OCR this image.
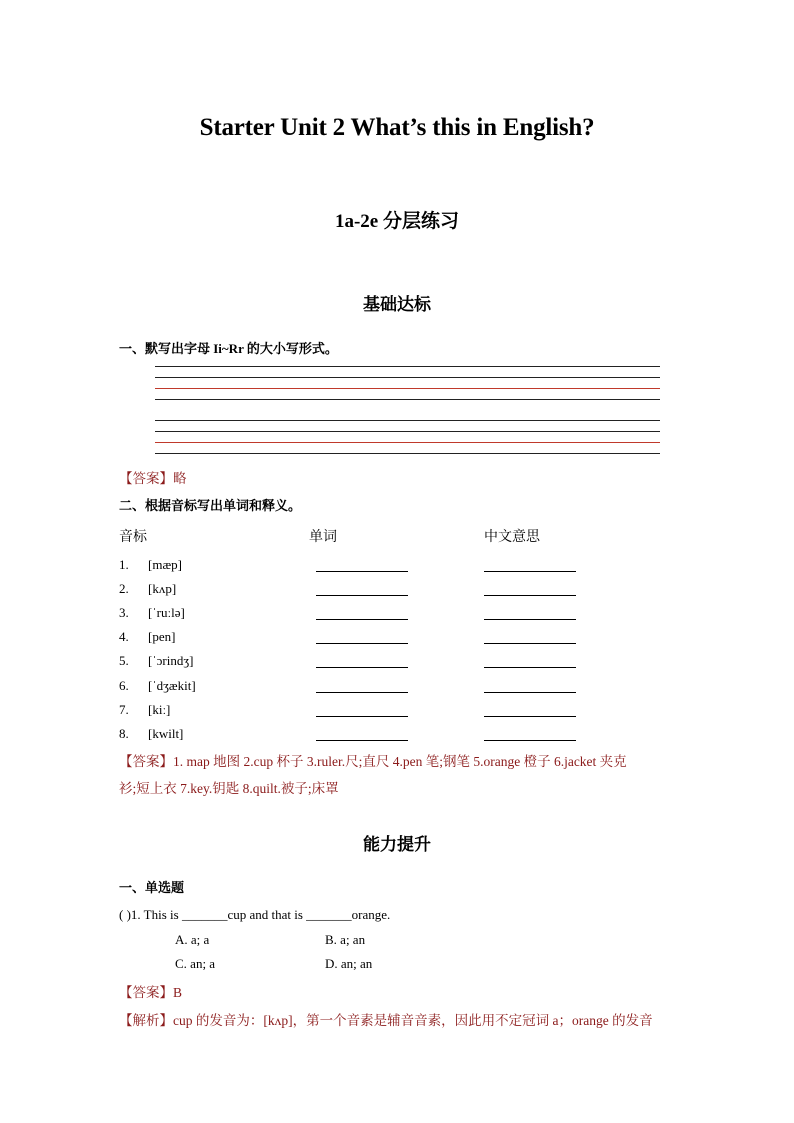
Starter Unit 2 What’s this in English?
1a-2e 分层练习
基础达标
一、默写出字母 Ii~Rr 的大小写形式。
【答案】略
二、根据音标写出单词和释义。
音标	单词	中文意思
1. [mæp]
2. [kʌp]
3. [ˈruːlə]
4. [pen]
5. [ˈɔrindʒ]
6. [ˈdʒækit]
7. [kiː]
8. [kwilt]
【答案】1. map 地图 2.cup 杯子 3.ruler.尺;直尺 4.pen 笔;钢笔 5.orange 橙子 6.jacket 夹克
衫;短上衣 7.key.钥匙 8.quilt.被子;床罩
能力提升
一、单选题
( )1. This is _______cup and that is _______orange.
A. a; a	B. a; an
C. an; a	D. an; an
【答案】B
【解析】cup 的发音为：[kʌp]，第一个音素是辅音音素，因此用不定冠词 a；orange 的发音
